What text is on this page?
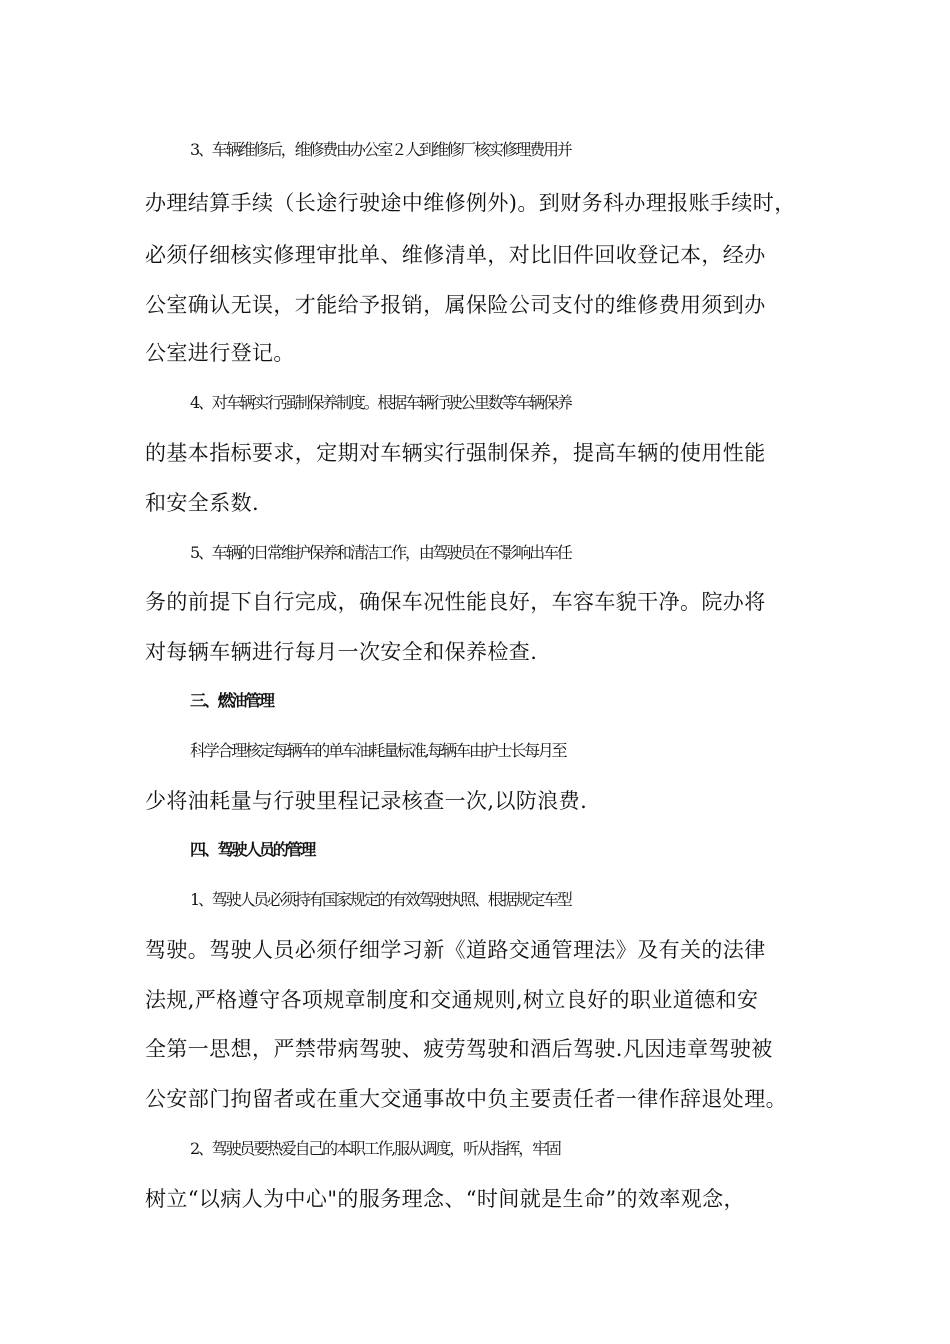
3、车辆维修后，维修费由办公室２人到维修厂核实修理费用并
办理结算手续（长途行驶途中维修例外)。到财务科办理报账手续时，
必须仔细核实修理审批单、维修清单，对比旧件回收登记本，经办
公室确认无误，才能给予报销，属保险公司支付的维修费用须到办
公室进行登记。
4、对车辆实行强制保养制度。根据车辆行驶公里数等车辆保养
的基本指标要求，定期对车辆实行强制保养，提高车辆的使用性能
和安全系数.
5、车辆的日常维护保养和清洁工作，由驾驶员在不影响出车任
务的前提下自行完成，确保车况性能良好，车容车貌干净。院办将
对每辆车辆进行每月一次安全和保养检查.
三、燃油管理
科学合理核定每辆车的单车油耗量标准,每辆车由护士长每月至
少将油耗量与行驶里程记录核查一次,以防浪费.
四、驾驶人员的管理
1、驾驶人员必须持有国家规定的有效驾驶执照、根据规定车型
驾驶。驾驶人员必须仔细学习新《道路交通管理法》及有关的法律
法规,严格遵守各项规章制度和交通规则,树立良好的职业道德和安
全第一思想，严禁带病驾驶、疲劳驾驶和酒后驾驶.凡因违章驾驶被
公安部门拘留者或在重大交通事故中负主要责任者一律作辞退处理。
2、驾驶员要热爱自己的本职工作,服从调度，听从指挥，牢固
树立“以病人为中心"的服务理念、“时间就是生命”的效率观念，
